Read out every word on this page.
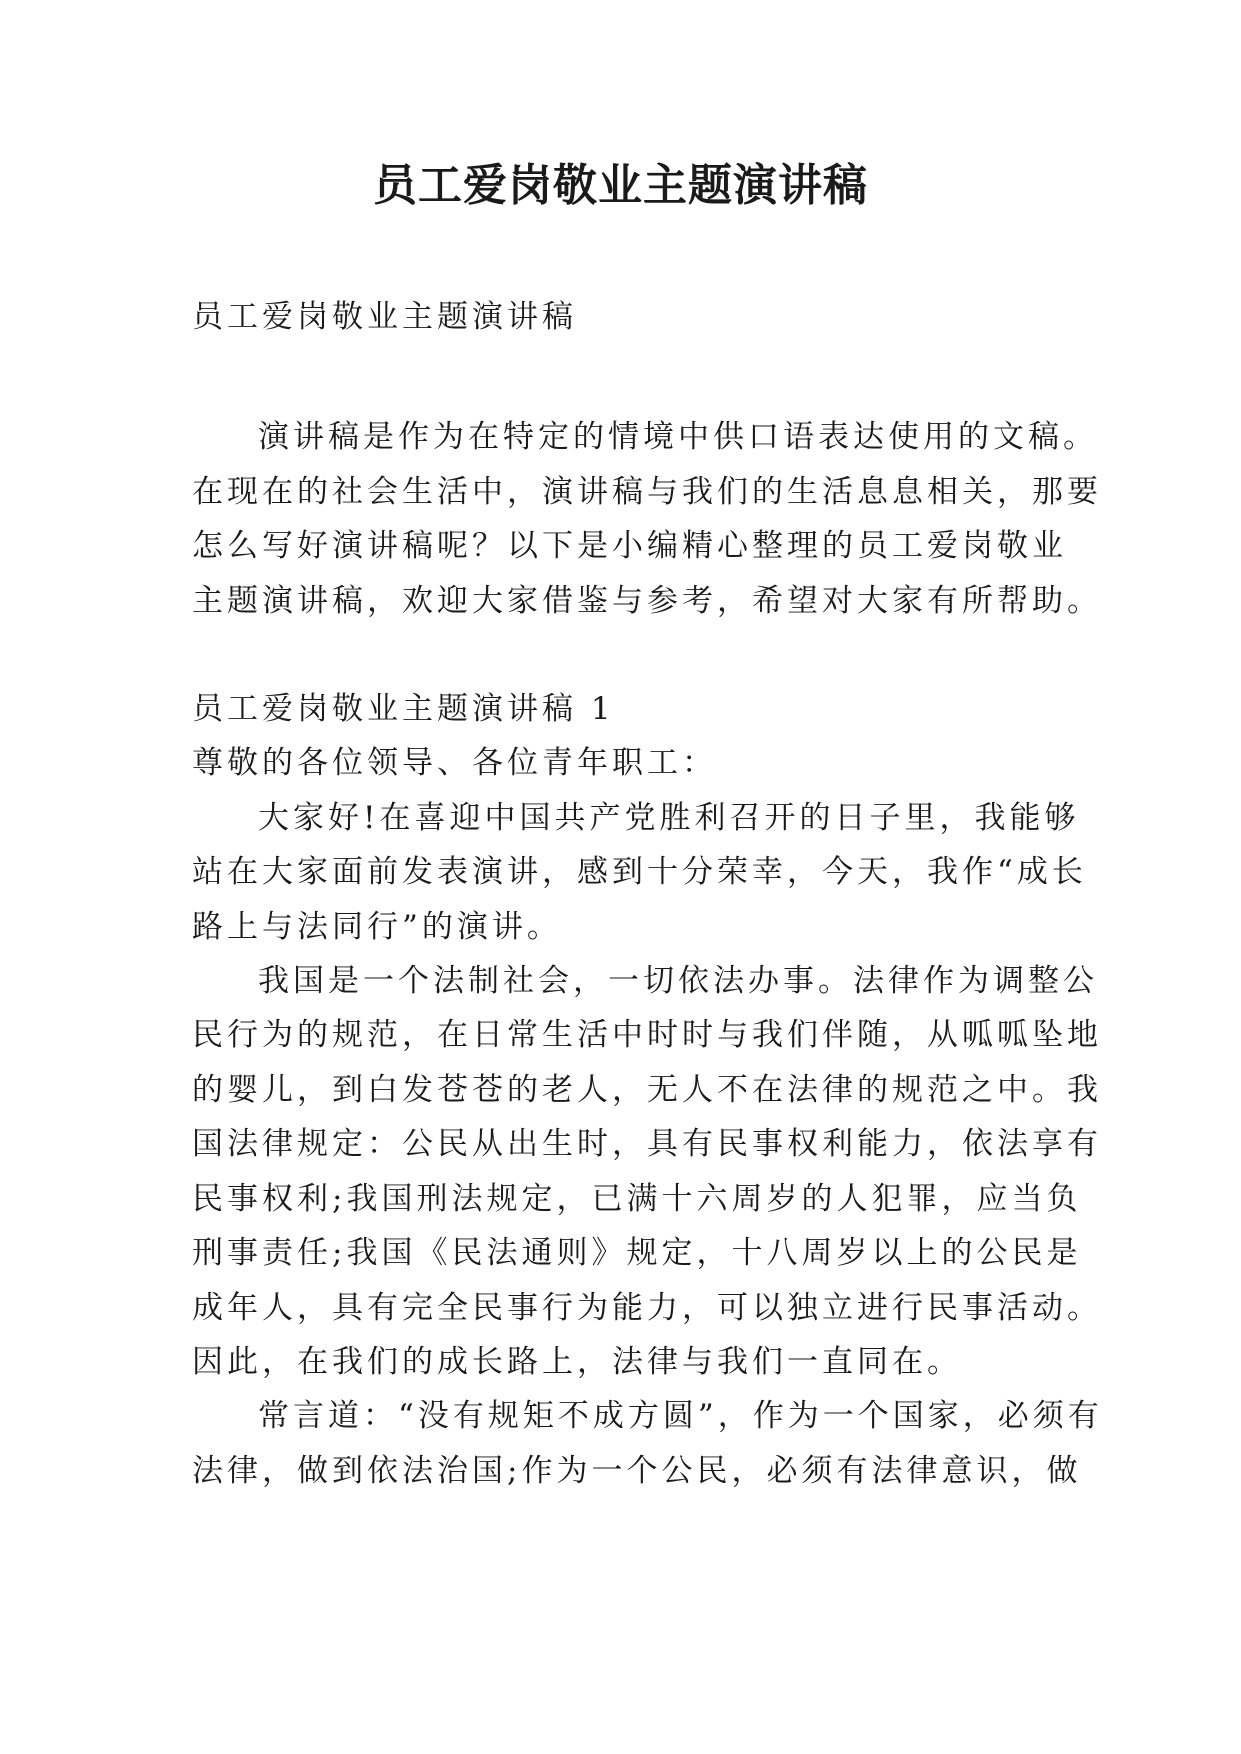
员工爱岗敬业主题演讲稿

员工爱岗敬业主题演讲稿

演讲稿是作为在特定的情境中供口语表达使用的文稿。

在现在的社会生活中，演讲稿与我们的生活息息相关，那要

怎么写好演讲稿呢？以下是小编精心整理的员工爱岗敬业

主题演讲稿，欢迎大家借鉴与参考，希望对大家有所帮助。

员工爱岗敬业主题演讲稿 1

尊敬的各位领导、各位青年职工：

大家好!在喜迎中国共产党胜利召开的日子里，我能够

站在大家面前发表演讲，感到十分荣幸，今天，我作“成长

路上与法同行”的演讲。

我国是一个法制社会，一切依法办事。法律作为调整公

民行为的规范，在日常生活中时时与我们伴随，从呱呱坠地

的婴儿，到白发苍苍的老人，无人不在法律的规范之中。我

国法律规定：公民从出生时，具有民事权利能力，依法享有

民事权利;我国刑法规定，已满十六周岁的人犯罪，应当负

刑事责任;我国《民法通则》规定，十八周岁以上的公民是

成年人，具有完全民事行为能力，可以独立进行民事活动。

因此，在我们的成长路上，法律与我们一直同在。

常言道：“没有规矩不成方圆”，作为一个国家，必须有

法律，做到依法治国;作为一个公民，必须有法律意识，做
